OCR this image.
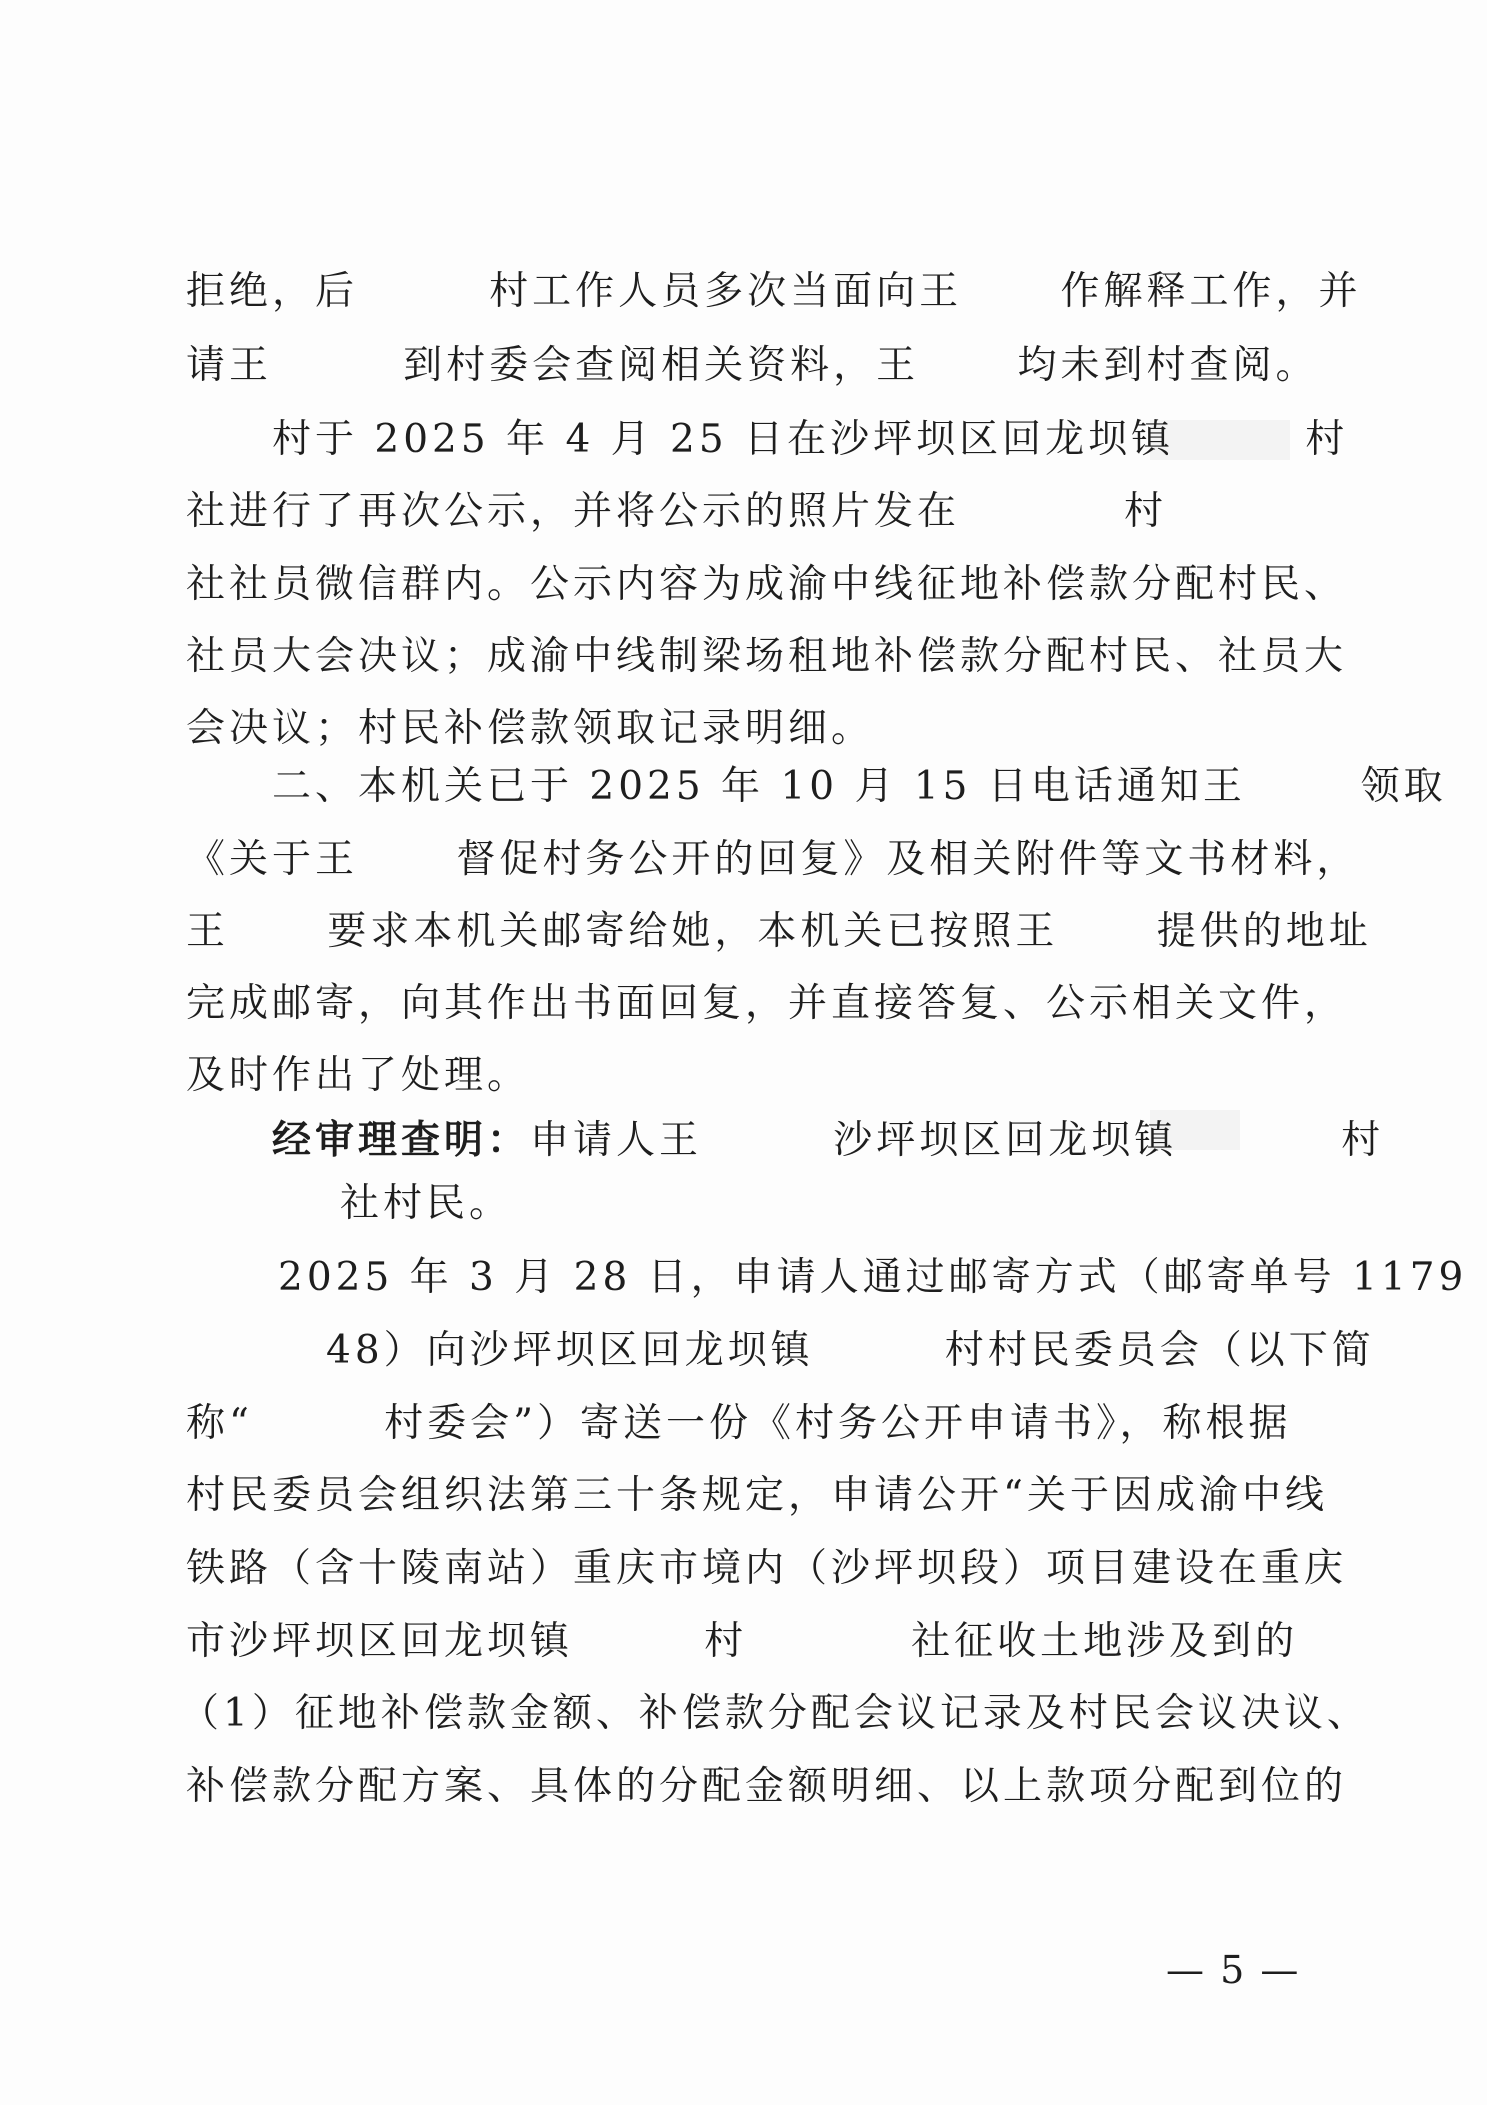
拒绝，后        村工作人员多次当面向王      作解释工作，并
请王        到村委会查阅相关资料，王      均未到村查阅。
村于 2025 年 4 月 25 日在沙坪坝区回龙坝镇        村
社进行了再次公示，并将公示的照片发在          村
社社员微信群内。公示内容为成渝中线征地补偿款分配村民、
社员大会决议；成渝中线制梁场租地补偿款分配村民、社员大
会决议；村民补偿款领取记录明细。
二、本机关已于 2025 年 10 月 15 日电话通知王       领取
《关于王      督促村务公开的回复》及相关附件等文书材料，
王      要求本机关邮寄给她，本机关已按照王      提供的地址
完成邮寄，向其作出书面回复，并直接答复、公示相关文件，
及时作出了处理。
经审理查明：申请人王        沙坪坝区回龙坝镇          村
社村民。
2025 年 3 月 28 日，申请人通过邮寄方式（邮寄单号 1179
48）向沙坪坝区回龙坝镇        村村民委员会（以下简
称“        村委会”）寄送一份《村务公开申请书》，称根据
村民委员会组织法第三十条规定，申请公开“关于因成渝中线
铁路（含十陵南站）重庆市境内（沙坪坝段）项目建设在重庆
市沙坪坝区回龙坝镇        村          社征收土地涉及到的
（1）征地补偿款金额、补偿款分配会议记录及村民会议决议、
补偿款分配方案、具体的分配金额明细、以上款项分配到位的
— 5 —
